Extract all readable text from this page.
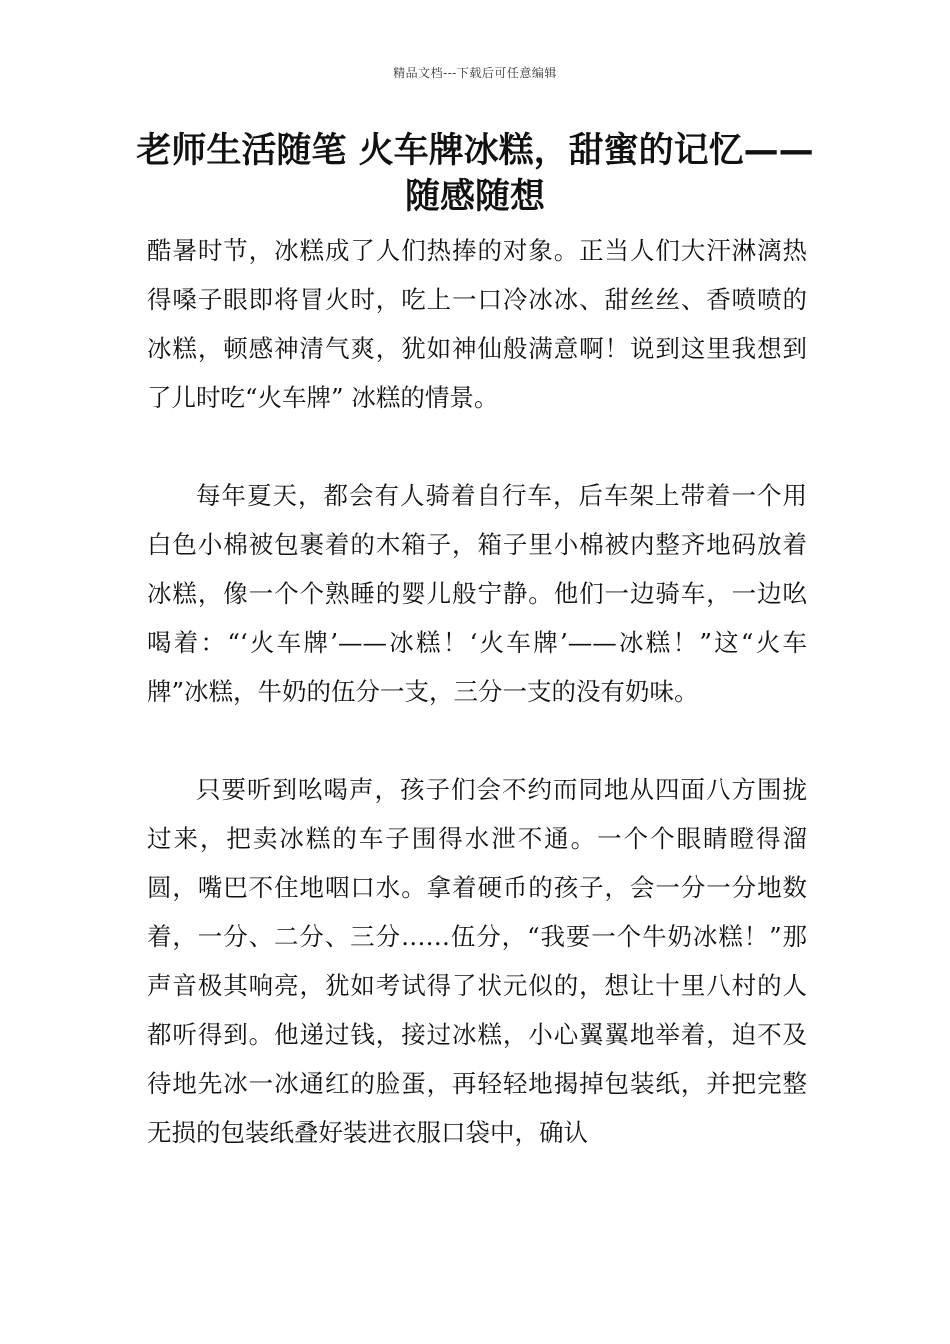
精品文档---下载后可任意编辑
老师生活随笔 火车牌冰糕，甜蜜的记忆——随感随想

酷暑时节，冰糕成了人们热捧的对象。正当人们大汗淋漓热得嗓子眼即将冒火时，吃上一口冷冰冰、甜丝丝、香喷喷的冰糕，顿感神清气爽，犹如神仙般满意啊！说到这里我想到了儿时吃“火车牌” 冰糕的情景。

每年夏天，都会有人骑着自行车，后车架上带着一个用白色小棉被包裹着的木箱子，箱子里小棉被内整齐地码放着冰糕，像一个个熟睡的婴儿般宁静。他们一边骑车，一边吆喝着：“‘火车牌’——冰糕！‘火车牌’——冰糕！”这“火车牌”冰糕，牛奶的伍分一支，三分一支的没有奶味。

只要听到吆喝声，孩子们会不约而同地从四面八方围拢过来，把卖冰糕的车子围得水泄不通。一个个眼睛瞪得溜圆，嘴巴不住地咽口水。拿着硬币的孩子，会一分一分地数着，一分、二分、三分……伍分，“我要一个牛奶冰糕！”那声音极其响亮，犹如考试得了状元似的，想让十里八村的人都听得到。他递过钱，接过冰糕，小心翼翼地举着，迫不及待地先冰一冰通红的脸蛋，再轻轻地揭掉包装纸，并把完整无损的包装纸叠好装进衣服口袋中，确认
